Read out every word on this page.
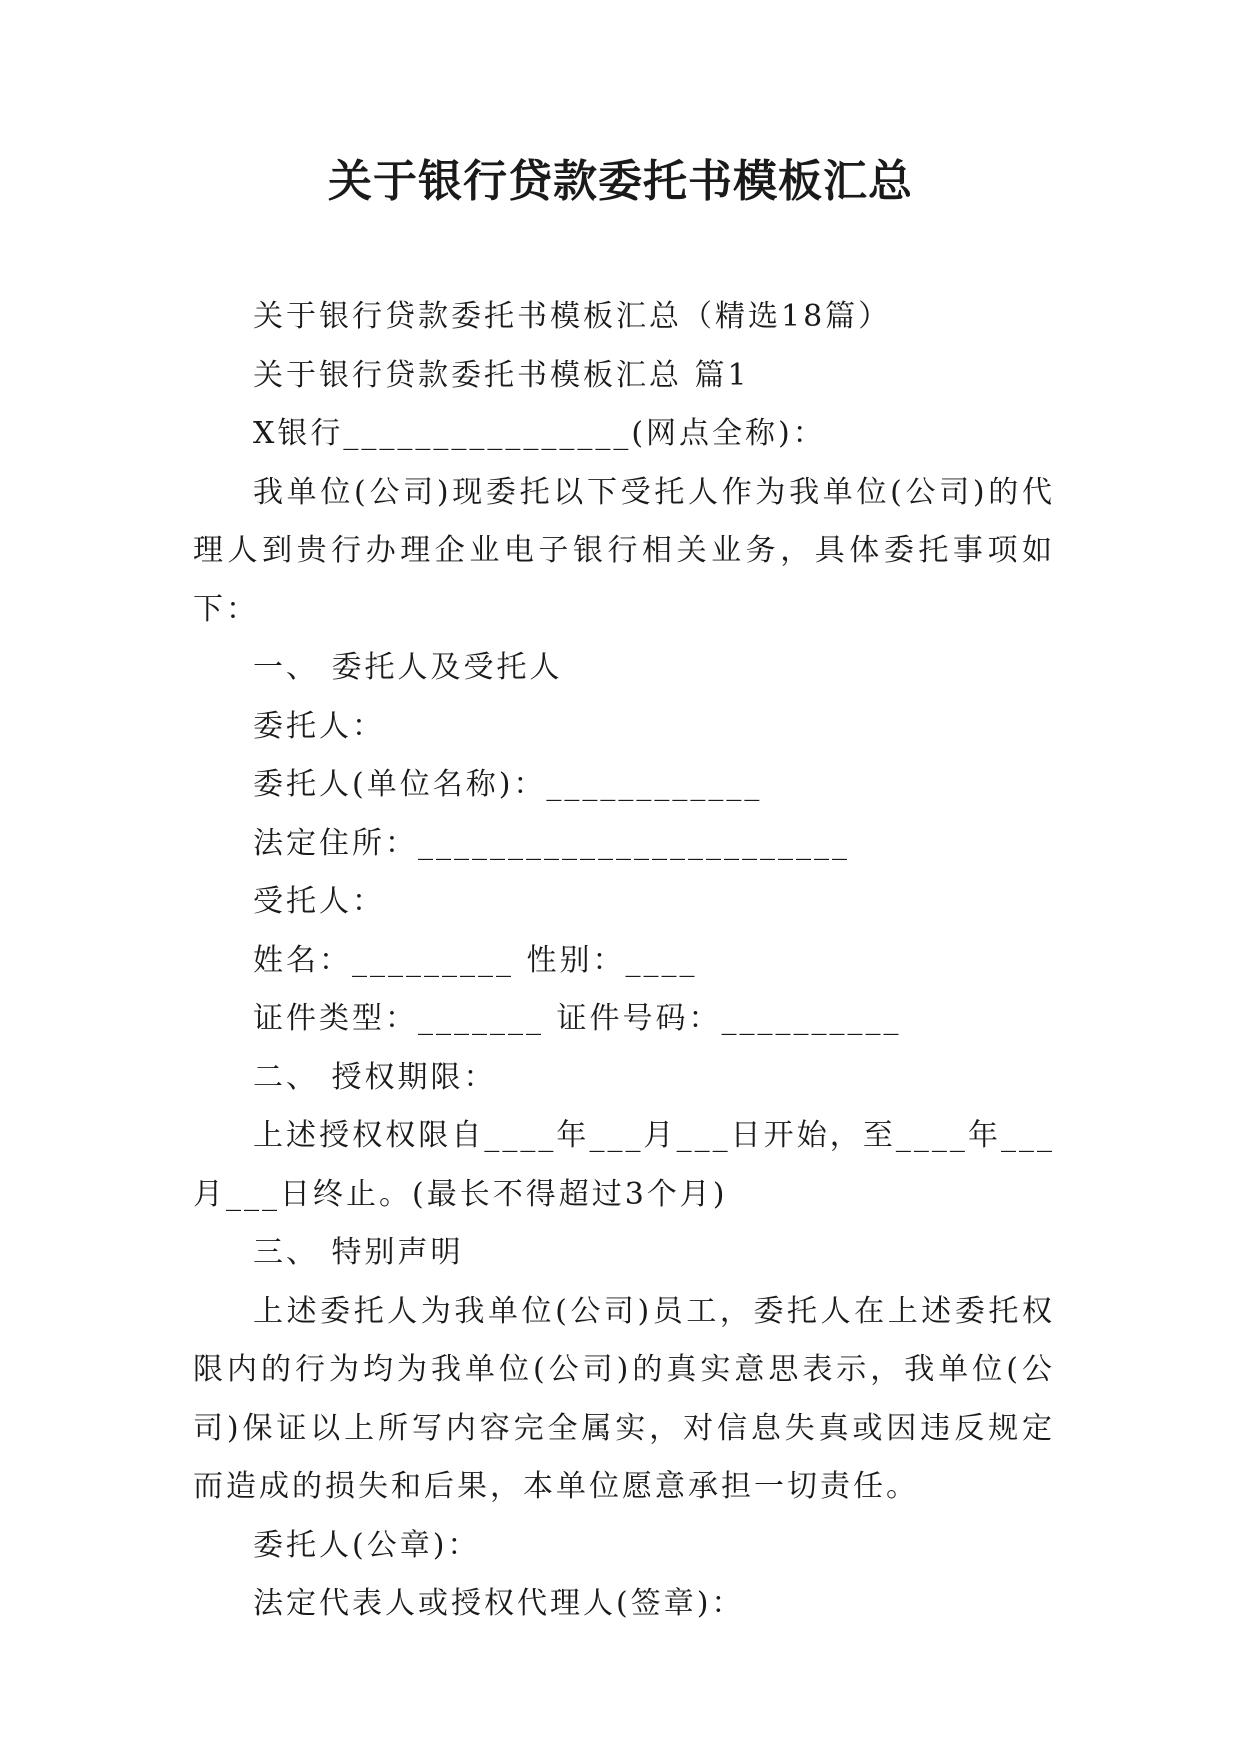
关于银行贷款委托书模板汇总

关于银行贷款委托书模板汇总（精选18篇）

关于银行贷款委托书模板汇总 篇1

X银行________________(网点全称)：

我单位(公司)现委托以下受托人作为我单位(公司)的代理人到贵行办理企业电子银行相关业务，具体委托事项如下：

一、 委托人及受托人

委托人：

委托人(单位名称)：____________

法定住所：________________________

受托人：

姓名：_________ 性别：____

证件类型：_______ 证件号码：__________

二、 授权期限：

上述授权权限自____年___月___日开始，至____年___月___日终止。(最长不得超过3个月)

三、 特别声明

上述委托人为我单位(公司)员工，委托人在上述委托权限内的行为均为我单位(公司)的真实意思表示，我单位(公司)保证以上所写内容完全属实，对信息失真或因违反规定而造成的损失和后果，本单位愿意承担一切责任。

委托人(公章)：

法定代表人或授权代理人(签章)：
